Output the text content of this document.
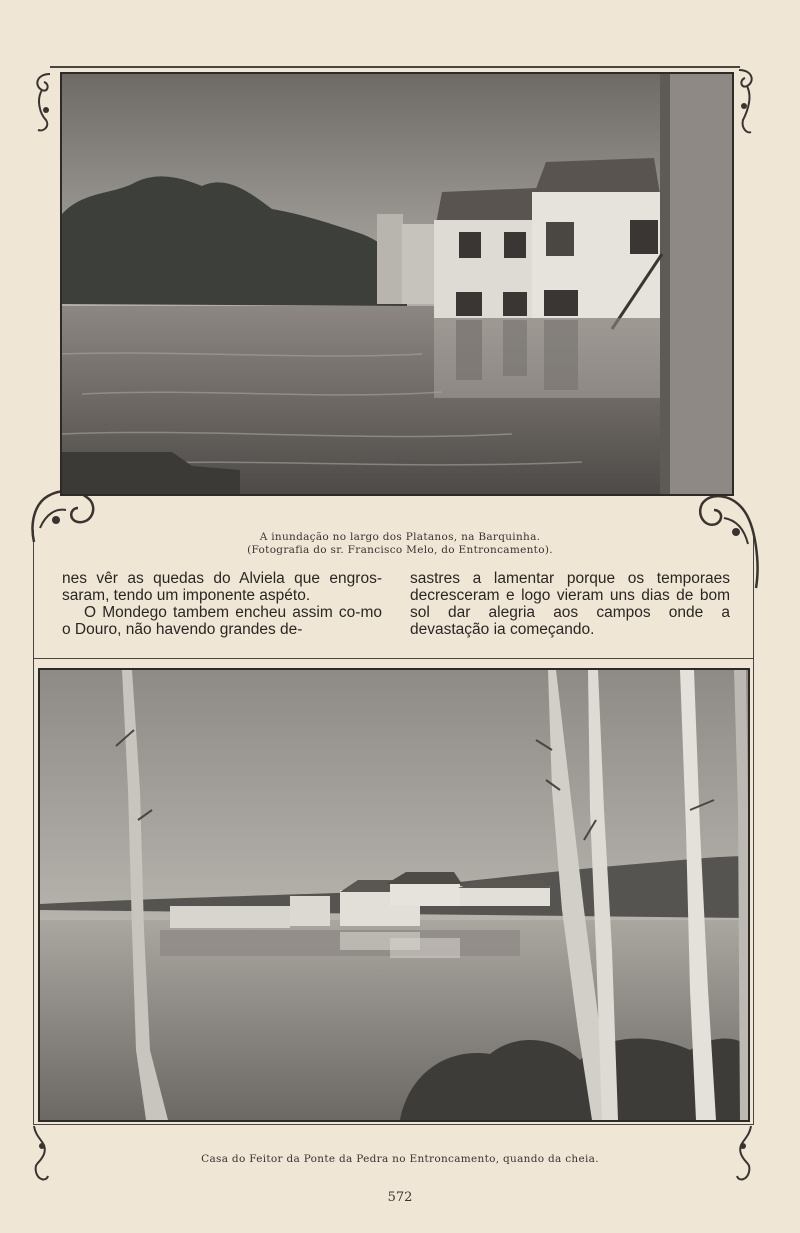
A inundação no largo dos Platanos, na Barquinha.
(Fotografia do sr. Francisco Melo, do Entroncamento).

nes vêr as quedas do Alviela que engros-saram, tendo um imponente aspéto.

O Mondego tambem encheu assim co-mo o Douro, não havendo grandes de-

sastres a lamentar porque os temporaes decresceram e logo vieram uns dias de bom sol dar alegria aos campos onde a devastação ia começando.

Casa do Feitor da Ponte da Pedra no Entroncamento, quando da cheia.
572
